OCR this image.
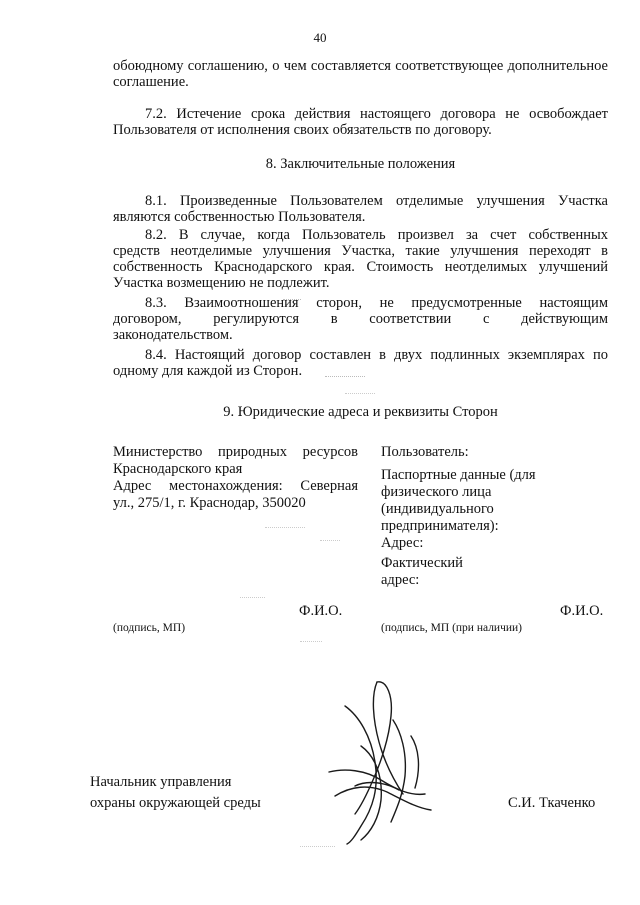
40
обоюдному соглашению, о чем составляется соответствующее дополнительное
соглашение.
7.2. Истечение срока действия настоящего договора не освобождает
Пользователя от исполнения своих обязательств по договору.
8. Заключительные положения
8.1. Произведенные Пользователем отделимые улучшения Участка
являются собственностью Пользователя.
8.2. В случае, когда Пользователь произвел за счет собственных
средств неотделимые улучшения Участка, такие улучшения переходят в
собственность Краснодарского края. Стоимость неотделимых улучшений
Участка возмещению не подлежит.
8.3. Взаимоотношения сторон, не предусмотренные настоящим
договором, регулируются в соответствии с действующим
законодательством.
8.4. Настоящий договор составлен в двух подлинных экземплярах по
одному для каждой из Сторон.
9. Юридические адреса и реквизиты Сторон
Министерство природных ресурсов
Краснодарского края
Адрес местонахождения: Северная
ул., 275/1, г. Краснодар, 350020
Ф.И.О.
(подпись, МП)
Пользователь:
Паспортные данные (для
физического лица
(индивидуального
предпринимателя):
Адрес:
Фактический
адрес:
Ф.И.О.
(подпись, МП (при наличии)
Начальник управления
охраны окружающей среды	С.И. Ткаченко
